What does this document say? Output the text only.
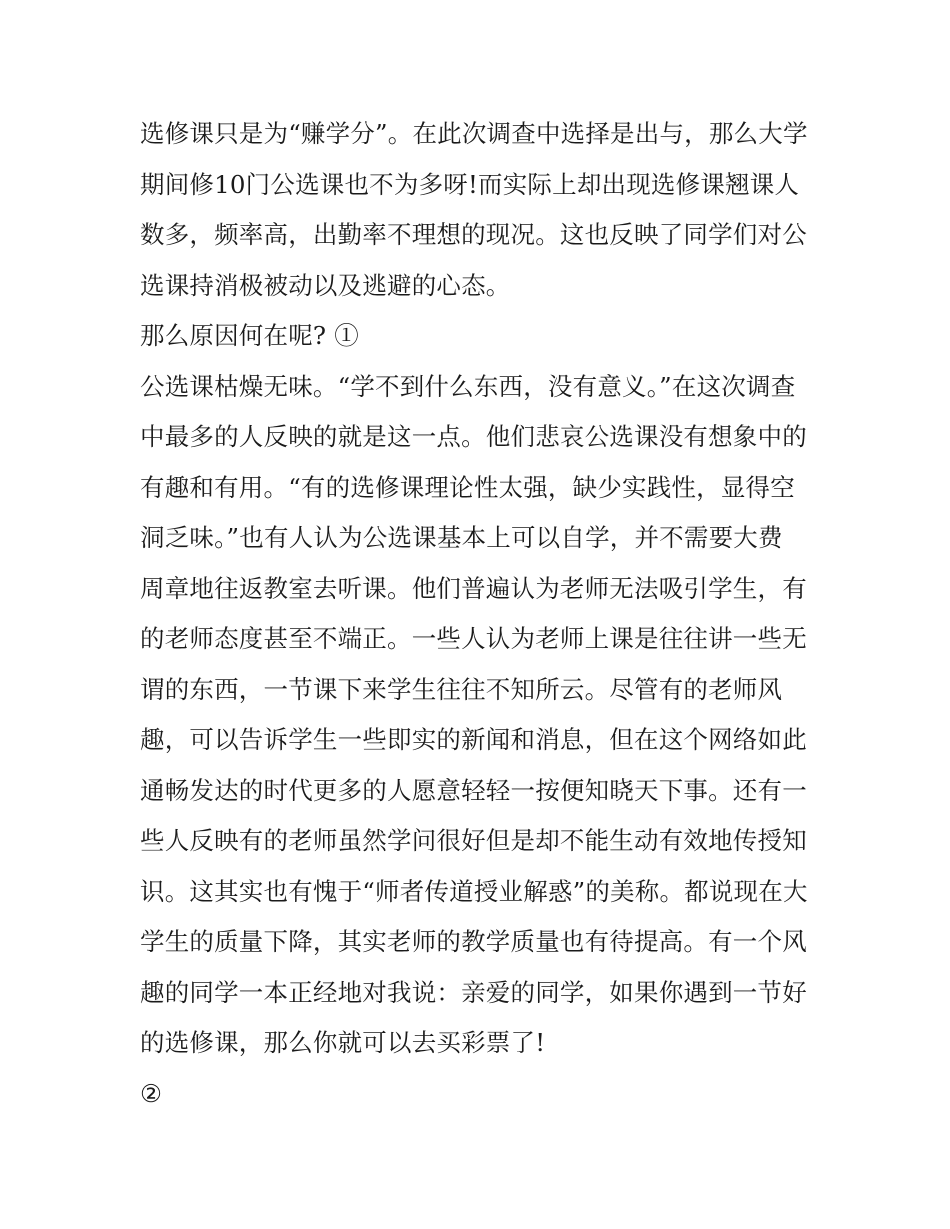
选修课只是为“赚学分”。在此次调查中选择是出与，那么大学
期间修10门公选课也不为多呀!而实际上却出现选修课翘课人
数多，频率高，出勤率不理想的现况。这也反映了同学们对公
选课持消极被动以及逃避的心态。
那么原因何在呢? ①
公选课枯燥无味。“学不到什么东西，没有意义。”在这次调查
中最多的人反映的就是这一点。他们悲哀公选课没有想象中的
有趣和有用。“有的选修课理论性太强，缺少实践性，显得空
洞乏味。”也有人认为公选课基本上可以自学，并不需要大费
周章地往返教室去听课。他们普遍认为老师无法吸引学生，有
的老师态度甚至不端正。一些人认为老师上课是往往讲一些无
谓的东西，一节课下来学生往往不知所云。尽管有的老师风
趣，可以告诉学生一些即实的新闻和消息，但在这个网络如此
通畅发达的时代更多的人愿意轻轻一按便知晓天下事。还有一
些人反映有的老师虽然学问很好但是却不能生动有效地传授知
识。这其实也有愧于“师者传道授业解惑”的美称。都说现在大
学生的质量下降，其实老师的教学质量也有待提高。有一个风
趣的同学一本正经地对我说：亲爱的同学，如果你遇到一节好
的选修课，那么你就可以去买彩票了!
②
